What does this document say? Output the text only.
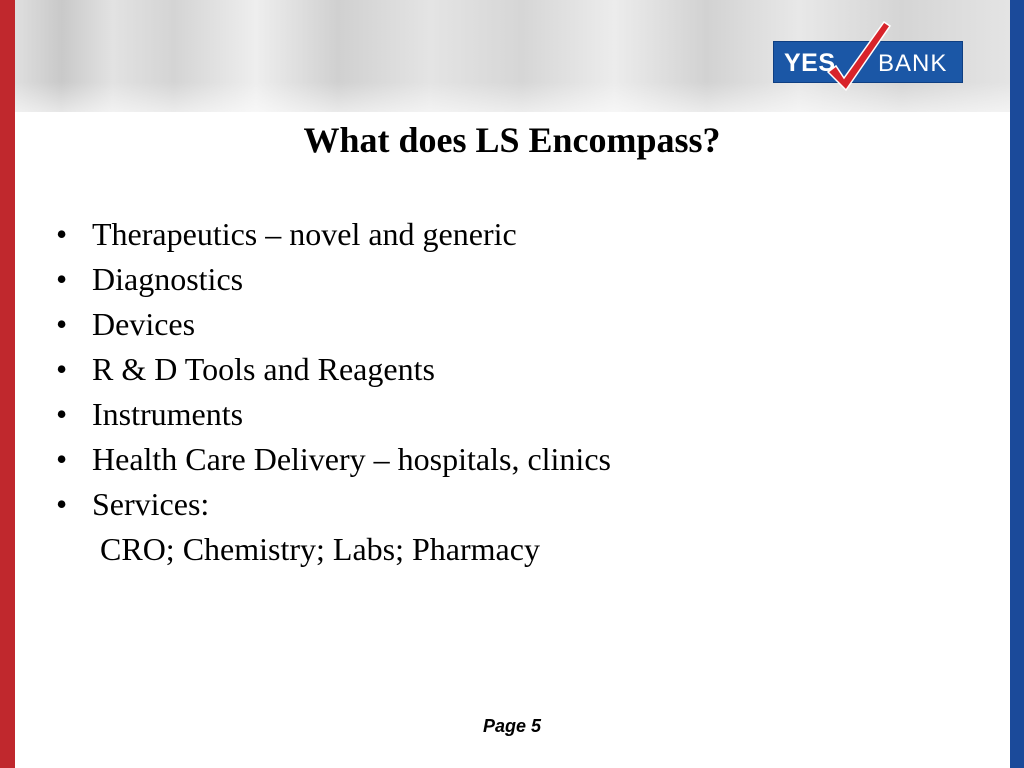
YES BANK
What does LS Encompass?
• Therapeutics – novel and generic
• Diagnostics
• Devices
• R & D Tools and Reagents
• Instruments
• Health Care Delivery – hospitals, clinics
• Services:
CRO; Chemistry; Labs; Pharmacy
Page 5
